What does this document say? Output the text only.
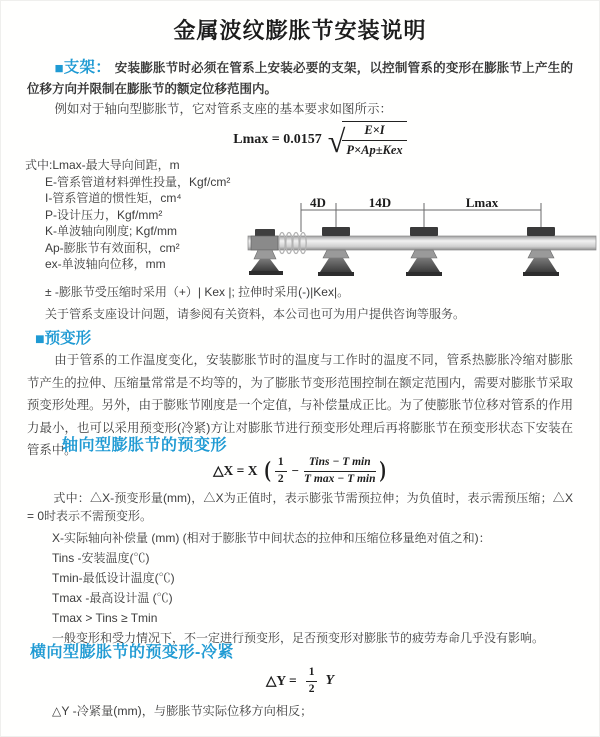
金属波纹膨胀节安装说明
■支架： 安装膨胀节时必须在管系上安装必要的支架，以控制管系的变形在膨胀节上产生的位移方向并限制在膨胀节的额定位移范围内。
例如对于轴向型膨胀节，它对管系支座的基本要求如图所示：
Lmax = 0.0157 √	E×I
P×Ap±Kex
式中:Lmax-最大导向间距，m
E-管系管道材料弹性投量，Kgf/cm²
I-管系管道的惯性矩，cm⁴
P-设计压力，Kgf/mm²
K-单波轴向刚度; Kgf/mm
Ap-膨胀节有效面积，cm²
ex-单波轴向位移，mm
4D	14D	Lmax
± -膨胀节受压缩时采用（+）| Kex |; 拉伸时采用(-)|Kex|。
关于管系支座设计问题，请参阅有关资料，本公司也可为用户提供咨询等服务。
■预变形
由于管系的工作温度变化，安装膨胀节时的温度与工作时的温度不同，管系热膨胀冷缩对膨胀节产生的拉伸、压缩量常常是不均等的，为了膨胀节变形范围控制在额定范围内，需要对膨胀节采取预变形处理。另外，由于膨账节刚度是一个定值，与补偿量成正比。为了使膨胀节位移对管系的作用力最小，也可以采用预变形(冷紧)方让对膨胀节进行预变形处理后再将膨胀节在预变形状态下安装在管系中。
轴向型膨胀节的预变形
△X = X ( $\frac{1}{2} - \frac{\text{Tins − T min}}{\text{T max − T min}}$ )
式中：△X-预变形量(mm)，△X为正值时，表示膨张节需预拉伸；为负值时，表示需预压缩；△X = 0时表示不需预变形。
X-实际轴向补偿量 (mm) (相对于膨胀节中间状态的拉伸和压缩位移量绝对值之和)：
Tins -安装温度(℃)
Tmin-最低设计温度(℃)
Tmax -最高设计温 (℃)
Tmax > Tins ≥ Tmin
一般变形和受力情况下，不一定进行预变形，足否预变形对膨胀节的疲劳寿命几乎没有影响。
横向型膨胀节的预变形-冷紧
△Y = $\frac{1}{2}$ Y
△Y -冷紧量(mm)，与膨胀节实际位移方向相反；
